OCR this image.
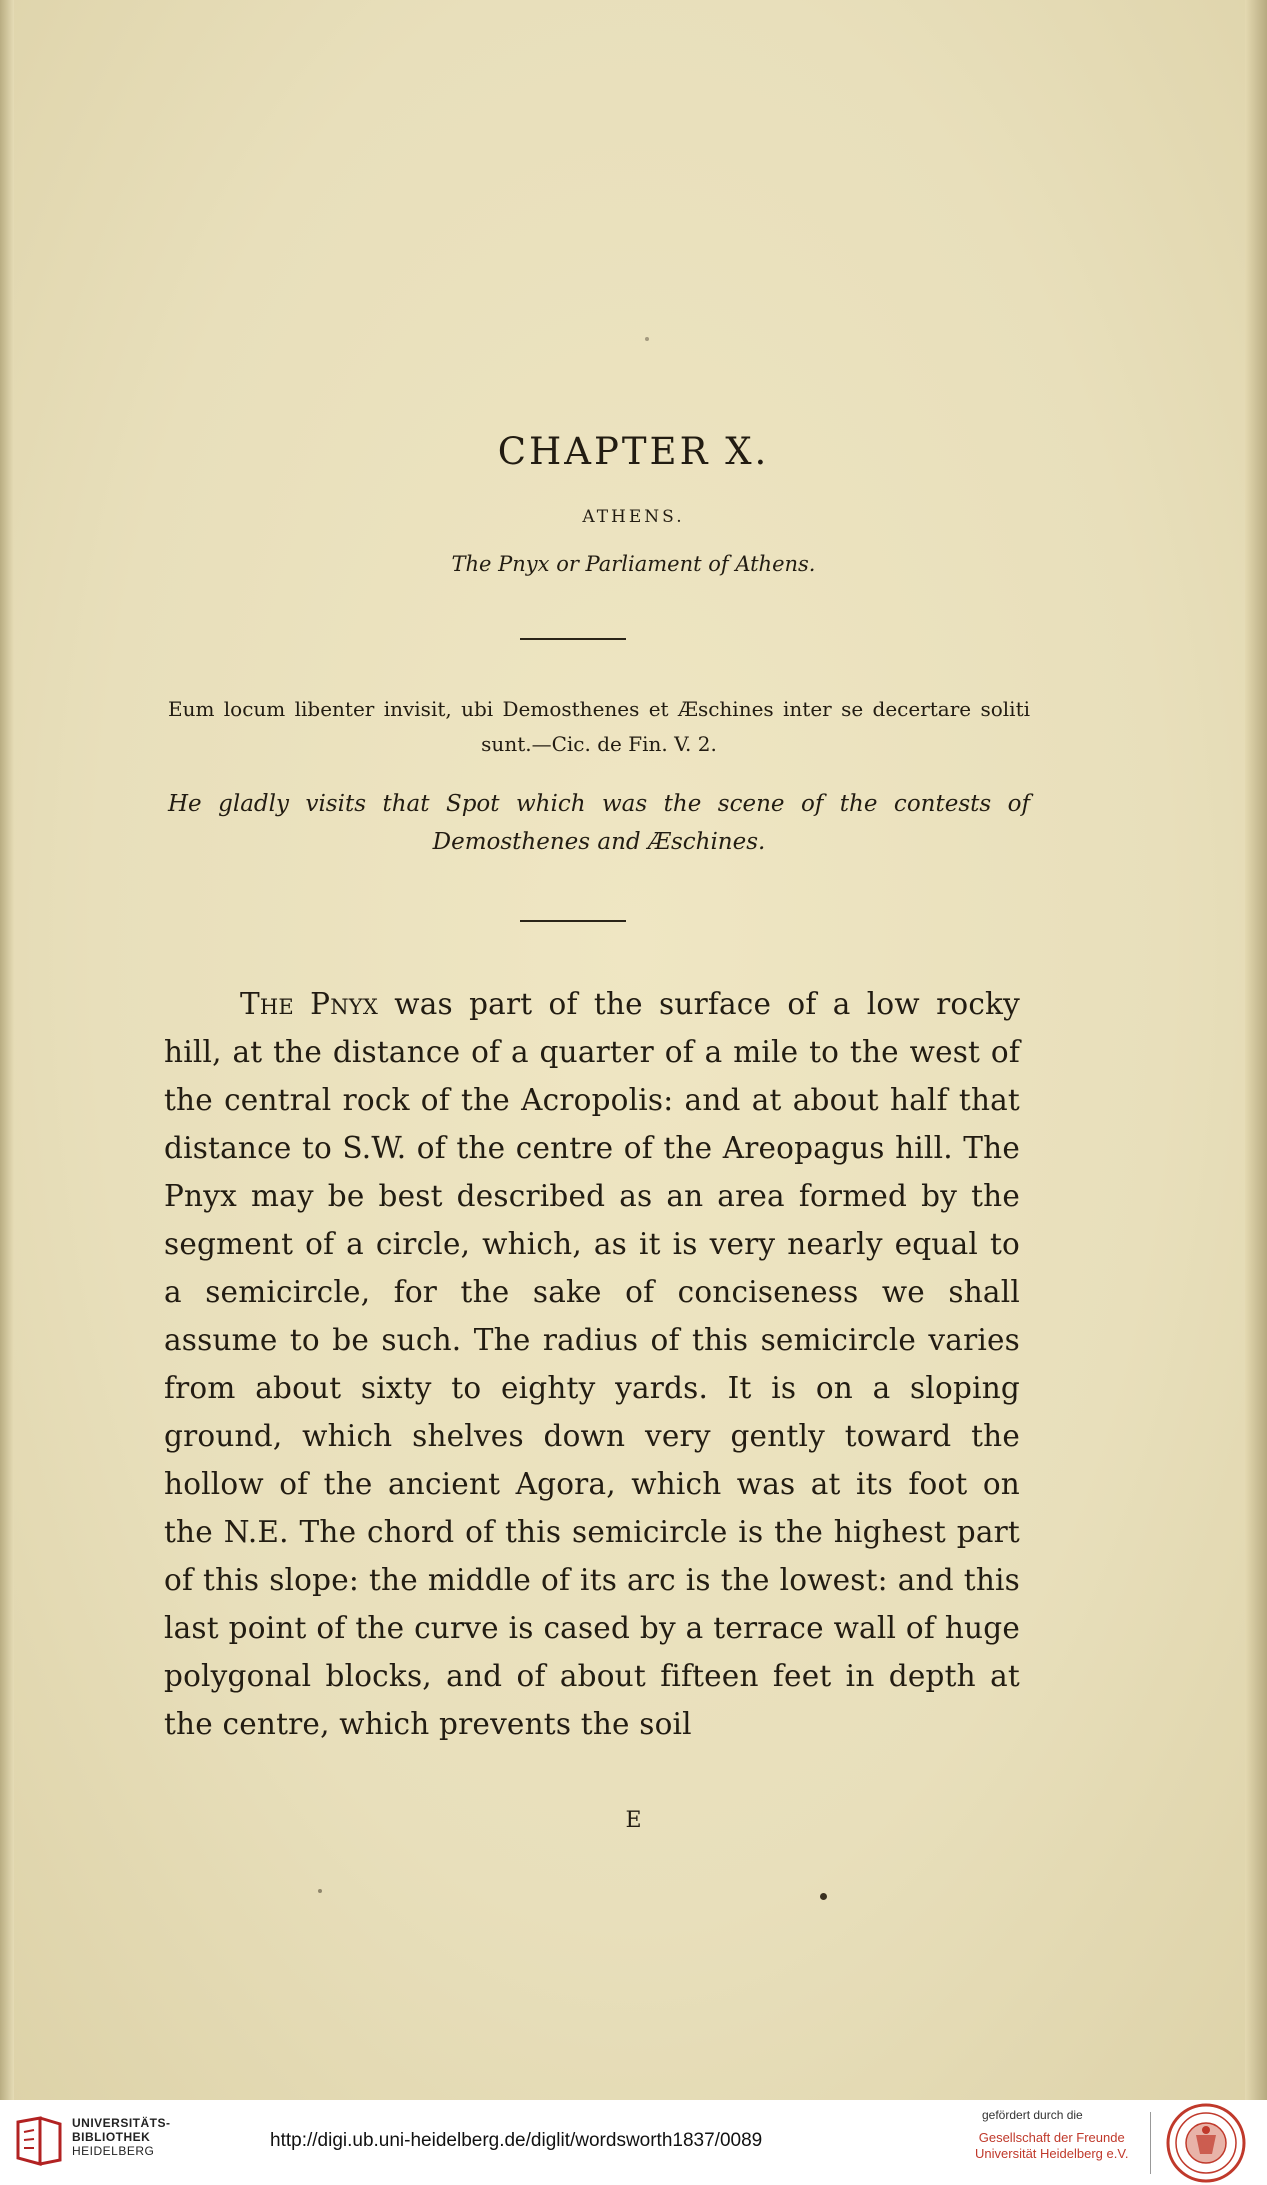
CHAPTER X.
ATHENS.
The Pnyx or Parliament of Athens.
Eum locum libenter invisit, ubi Demosthenes et Æschines inter se decertare soliti sunt.—Cic. de Fin. V. 2.
He gladly visits that Spot which was the scene of the contests of Demosthenes and Æschines.

The Pnyx was part of the surface of a low rocky hill, at the distance of a quarter of a mile to the west of the central rock of the Acropolis: and at about half that distance to S.W. of the centre of the Areopagus hill. The Pnyx may be best described as an area formed by the segment of a circle, which, as it is very nearly equal to a semicircle, for the sake of conciseness we shall assume to be such. The radius of this semicircle varies from about sixty to eighty yards. It is on a sloping ground, which shelves down very gently toward the hollow of the ancient Agora, which was at its foot on the N.E. The chord of this semicircle is the highest part of this slope: the middle of its arc is the lowest: and this last point of the curve is cased by a terrace wall of huge polygonal blocks, and of about fifteen feet in depth at the centre, which prevents the soil

E
UNIVERSITÄTS-
BIBLIOTHEK
HEIDELBERG	http://digi.ub.uni-heidelberg.de/diglit/wordsworth1837/0089
gefördert durch die
Gesellschaft der Freunde
Universität Heidelberg e.V.
